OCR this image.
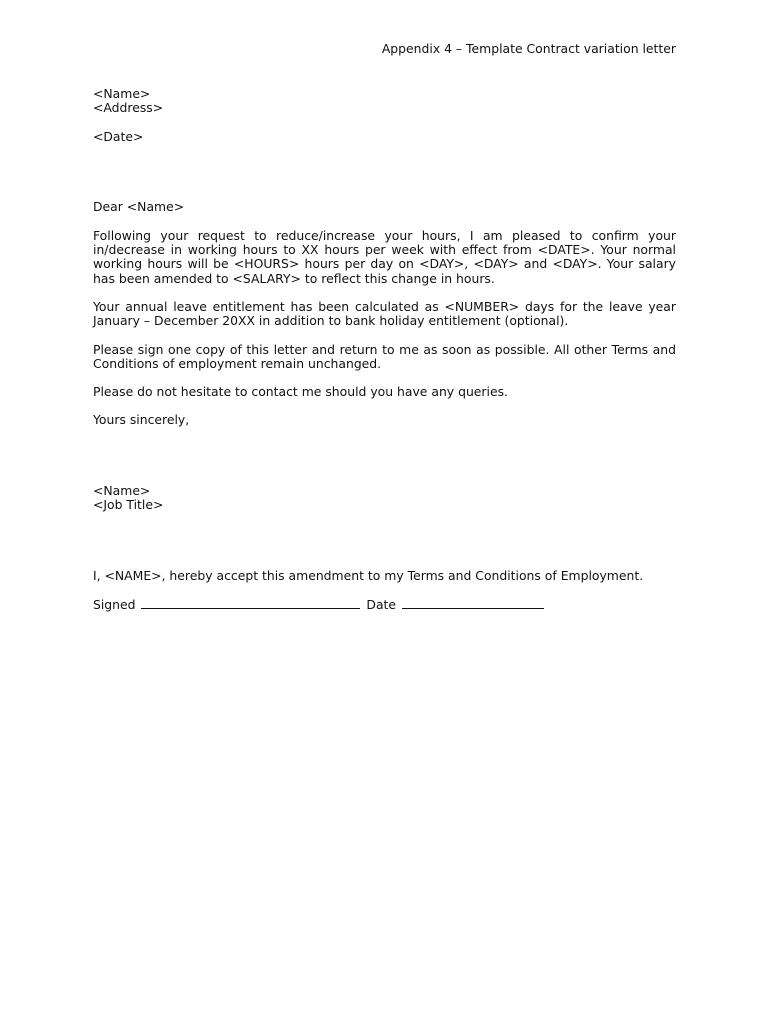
Appendix 4 – Template Contract variation letter
<Name>
<Address>
<Date>
Dear <Name>
Following your request to reduce/increase your hours, I am pleased to confirm your in/decrease in working hours to XX hours per week with effect from <DATE>. Your normal working hours will be <HOURS> hours per day on <DAY>, <DAY> and <DAY>. Your salary has been amended to <SALARY> to reflect this change in hours.
Your annual leave entitlement has been calculated as <NUMBER> days for the leave year January – December 20XX in addition to bank holiday entitlement (optional).
Please sign one copy of this letter and return to me as soon as possible. All other Terms and Conditions of employment remain unchanged.
Please do not hesitate to contact me should you have any queries.
Yours sincerely,
<Name>
<Job Title>
I, <NAME>, hereby accept this amendment to my Terms and Conditions of Employment.
Signed	Date
